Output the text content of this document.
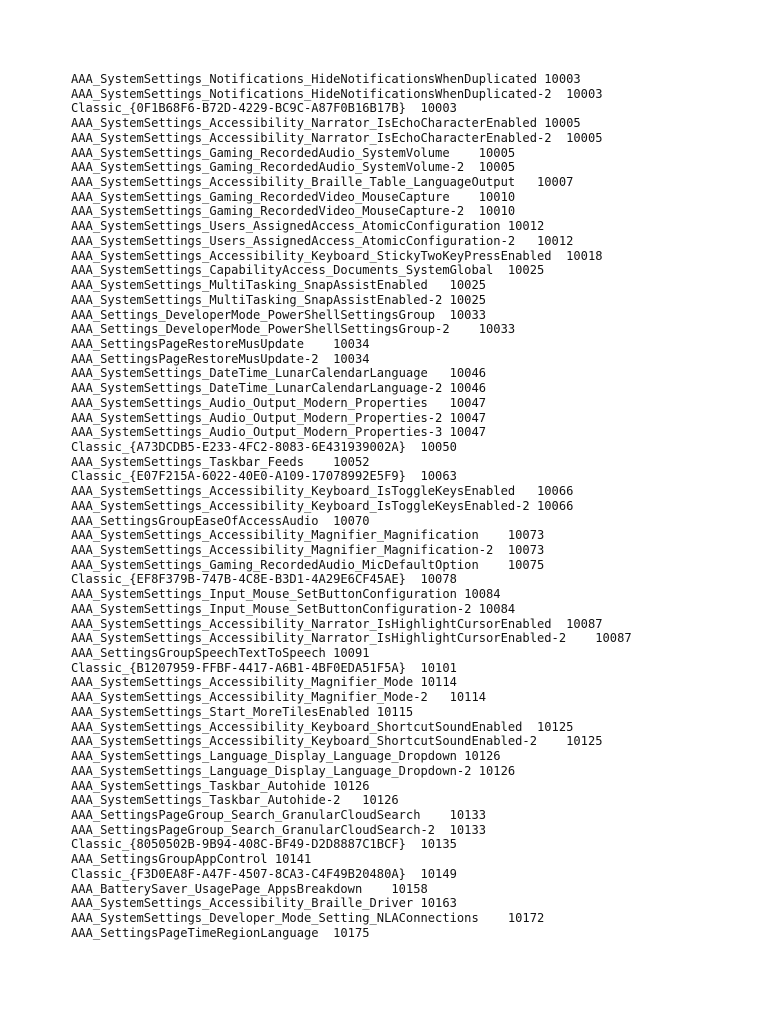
AAA_SystemSettings_Notifications_HideNotificationsWhenDuplicated 10003
AAA_SystemSettings_Notifications_HideNotificationsWhenDuplicated-2 10003
Classic_{0F1B68F6-B72D-4229-BC9C-A87F0B16B17B} 10003
AAA_SystemSettings_Accessibility_Narrator_IsEchoCharacterEnabled 10005
AAA_SystemSettings_Accessibility_Narrator_IsEchoCharacterEnabled-2 10005
AAA_SystemSettings_Gaming_RecordedAudio_SystemVolume 10005
AAA_SystemSettings_Gaming_RecordedAudio_SystemVolume-2 10005
AAA_SystemSettings_Accessibility_Braille_Table_LanguageOutput 10007
AAA_SystemSettings_Gaming_RecordedVideo_MouseCapture 10010
AAA_SystemSettings_Gaming_RecordedVideo_MouseCapture-2 10010
AAA_SystemSettings_Users_AssignedAccess_AtomicConfiguration 10012
AAA_SystemSettings_Users_AssignedAccess_AtomicConfiguration-2 10012
AAA_SystemSettings_Accessibility_Keyboard_StickyTwoKeyPressEnabled 10018
AAA_SystemSettings_CapabilityAccess_Documents_SystemGlobal 10025
AAA_SystemSettings_MultiTasking_SnapAssistEnabled 10025
AAA_SystemSettings_MultiTasking_SnapAssistEnabled-2 10025
AAA_Settings_DeveloperMode_PowerShellSettingsGroup 10033
AAA_Settings_DeveloperMode_PowerShellSettingsGroup-2 10033
AAA_SettingsPageRestoreMusUpdate 10034
AAA_SettingsPageRestoreMusUpdate-2 10034
AAA_SystemSettings_DateTime_LunarCalendarLanguage 10046
AAA_SystemSettings_DateTime_LunarCalendarLanguage-2 10046
AAA_SystemSettings_Audio_Output_Modern_Properties 10047
AAA_SystemSettings_Audio_Output_Modern_Properties-2 10047
AAA_SystemSettings_Audio_Output_Modern_Properties-3 10047
Classic_{A73DCDB5-E233-4FC2-8083-6E431939002A} 10050
AAA_SystemSettings_Taskbar_Feeds 10052
Classic_{E07F215A-6022-40E0-A109-17078992E5F9} 10063
AAA_SystemSettings_Accessibility_Keyboard_IsToggleKeysEnabled 10066
AAA_SystemSettings_Accessibility_Keyboard_IsToggleKeysEnabled-2 10066
AAA_SettingsGroupEaseOfAccessAudio 10070
AAA_SystemSettings_Accessibility_Magnifier_Magnification 10073
AAA_SystemSettings_Accessibility_Magnifier_Magnification-2 10073
AAA_SystemSettings_Gaming_RecordedAudio_MicDefaultOption 10075
Classic_{EF8F379B-747B-4C8E-B3D1-4A29E6CF45AE} 10078
AAA_SystemSettings_Input_Mouse_SetButtonConfiguration 10084
AAA_SystemSettings_Input_Mouse_SetButtonConfiguration-2 10084
AAA_SystemSettings_Accessibility_Narrator_IsHighlightCursorEnabled 10087
AAA_SystemSettings_Accessibility_Narrator_IsHighlightCursorEnabled-2 10087
AAA_SettingsGroupSpeechTextToSpeech 10091
Classic_{B1207959-FFBF-4417-A6B1-4BF0EDA51F5A} 10101
AAA_SystemSettings_Accessibility_Magnifier_Mode 10114
AAA_SystemSettings_Accessibility_Magnifier_Mode-2 10114
AAA_SystemSettings_Start_MoreTilesEnabled 10115
AAA_SystemSettings_Accessibility_Keyboard_ShortcutSoundEnabled 10125
AAA_SystemSettings_Accessibility_Keyboard_ShortcutSoundEnabled-2 10125
AAA_SystemSettings_Language_Display_Language_Dropdown 10126
AAA_SystemSettings_Language_Display_Language_Dropdown-2 10126
AAA_SystemSettings_Taskbar_Autohide 10126
AAA_SystemSettings_Taskbar_Autohide-2 10126
AAA_SettingsPageGroup_Search_GranularCloudSearch 10133
AAA_SettingsPageGroup_Search_GranularCloudSearch-2 10133
Classic_{8050502B-9B94-408C-BF49-D2D8887C1BCF} 10135
AAA_SettingsGroupAppControl 10141
Classic_{F3D0EA8F-A47F-4507-8CA3-C4F49B20480A} 10149
AAA_BatterySaver_UsagePage_AppsBreakdown 10158
AAA_SystemSettings_Accessibility_Braille_Driver 10163
AAA_SystemSettings_Developer_Mode_Setting_NLAConnections 10172
AAA_SettingsPageTimeRegionLanguage 10175
